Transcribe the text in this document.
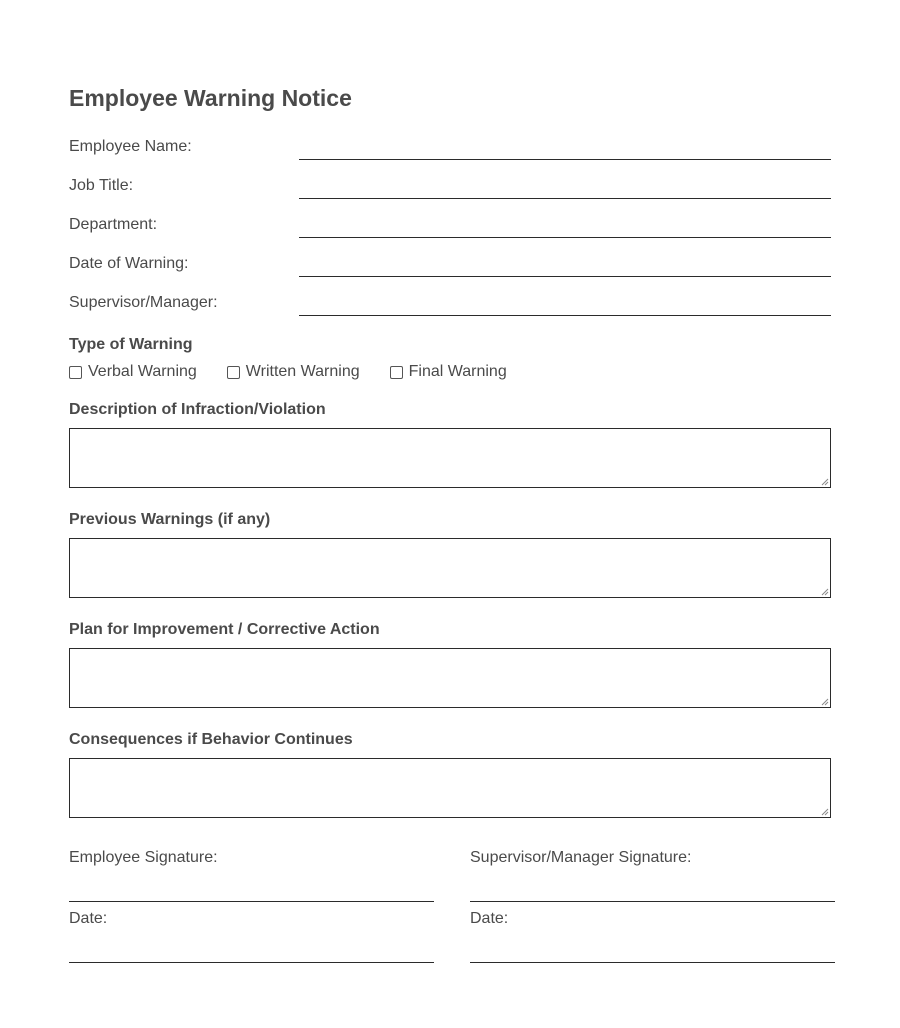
Employee Warning Notice
Employee Name:
Job Title:
Department:
Date of Warning:
Supervisor/Manager:
Type of Warning
Verbal Warning	Written Warning	Final Warning
Description of Infraction/Violation
Previous Warnings (if any)
Plan for Improvement / Corrective Action
Consequences if Behavior Continues
Employee Signature:	Supervisor/Manager Signature:
Date:	Date:
